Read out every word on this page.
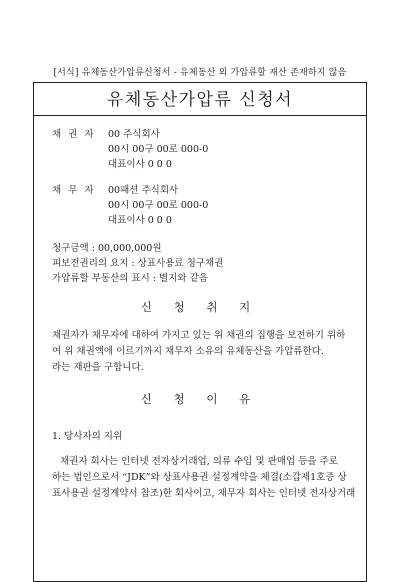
[서식] 유체동산가압류신청서 - 유체동산 외 가압류할 재산 존재하지 않음
유체동산가압류 신청서
채 권 자 00 주식회사
00시 00구 00로 000-0
대표이사 0 0 0
채 무 자 00패션 주식회사
00시 00구 00로 000-0
대표이사 0 0 0
청구금액 : 00,000,000원
피보전권리의 요지 : 상표사용료 청구채권
가압류할 부동산의 표시 : 별지와 같음
신 청 취 지
채권자가 채무자에 대하여 가지고 있는 위 채권의 집행을 보전하기 위하
여 위 채권액에 이르기까지 채무자 소유의 유체동산을 가압류한다.
라는 재판을 구합니다.
신 청 이 유
1. 당사자의 지위
채권자 회사는 인터넷 전자상거래업, 의류 수입 및 판매업 등을 주로
하는 법인으로서 “JDK”와 상표사용권 설정계약을 체결(소갑제1호증 상
표사용권 설정계약서 참조)한 회사이고, 채무자 회사는 인터넷 전자상거래
